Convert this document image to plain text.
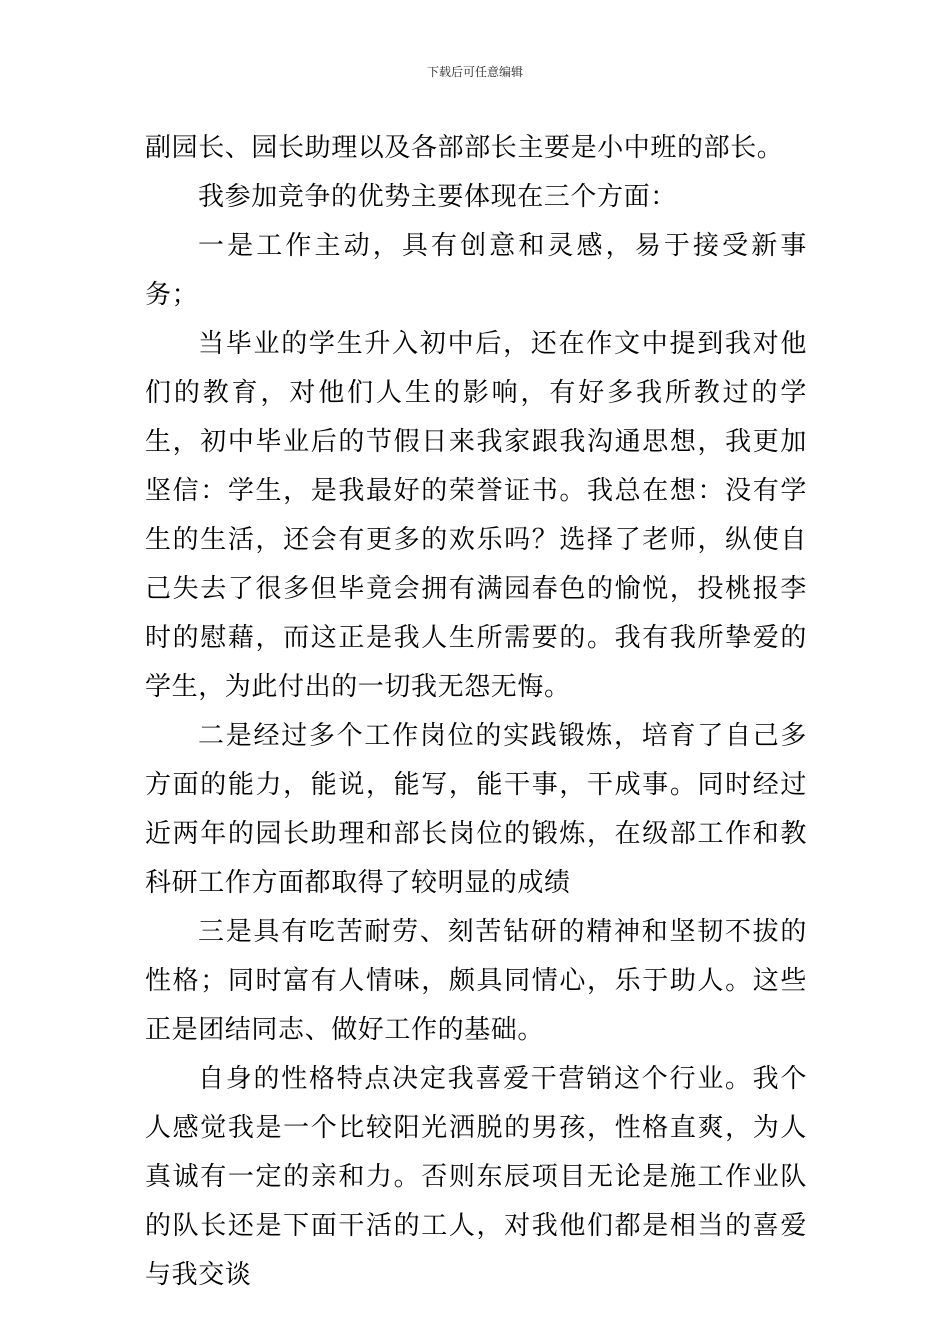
下载后可任意编辑

副园长、园长助理以及各部部长主要是小中班的部长。

我参加竞争的优势主要体现在三个方面：

一是工作主动，具有创意和灵感，易于接受新事务；

当毕业的学生升入初中后，还在作文中提到我对他们的教育，对他们人生的影响，有好多我所教过的学生，初中毕业后的节假日来我家跟我沟通思想，我更加坚信：学生，是我最好的荣誉证书。我总在想：没有学生的生活，还会有更多的欢乐吗？选择了老师，纵使自己失去了很多但毕竟会拥有满园春色的愉悦，投桃报李时的慰藉，而这正是我人生所需要的。我有我所挚爱的学生，为此付出的一切我无怨无悔。

二是经过多个工作岗位的实践锻炼，培育了自己多方面的能力，能说，能写，能干事，干成事。同时经过近两年的园长助理和部长岗位的锻炼，在级部工作和教科研工作方面都取得了较明显的成绩

三是具有吃苦耐劳、刻苦钻研的精神和坚韧不拔的性格；同时富有人情味，颇具同情心，乐于助人。这些正是团结同志、做好工作的基础。

自身的性格特点决定我喜爱干营销这个行业。我个人感觉我是一个比较阳光洒脱的男孩，性格直爽，为人真诚有一定的亲和力。否则东辰项目无论是施工作业队的队长还是下面干活的工人，对我他们都是相当的喜爱与我交谈
